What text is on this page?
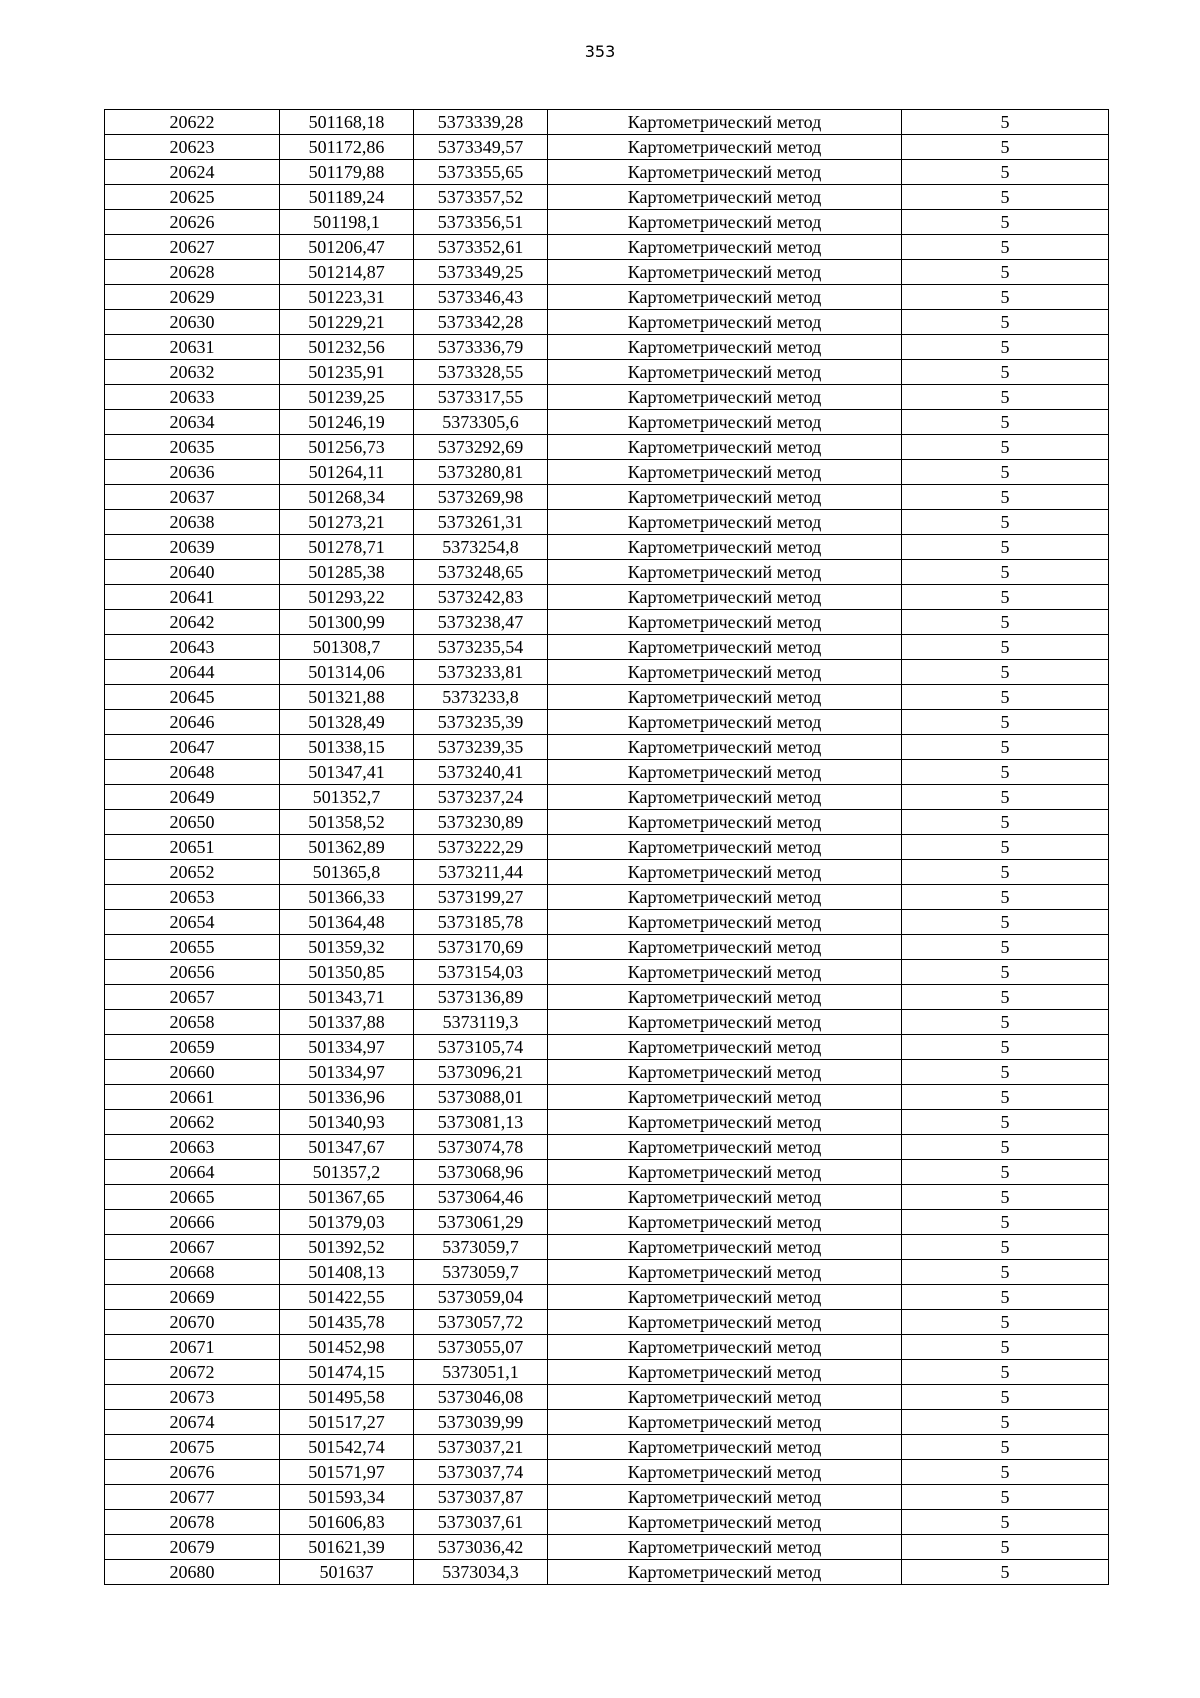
353
20622	501168,18	5373339,28	Картометрический метод	5
20623	501172,86	5373349,57	Картометрический метод	5
20624	501179,88	5373355,65	Картометрический метод	5
20625	501189,24	5373357,52	Картометрический метод	5
20626	501198,1	5373356,51	Картометрический метод	5
20627	501206,47	5373352,61	Картометрический метод	5
20628	501214,87	5373349,25	Картометрический метод	5
20629	501223,31	5373346,43	Картометрический метод	5
20630	501229,21	5373342,28	Картометрический метод	5
20631	501232,56	5373336,79	Картометрический метод	5
20632	501235,91	5373328,55	Картометрический метод	5
20633	501239,25	5373317,55	Картометрический метод	5
20634	501246,19	5373305,6	Картометрический метод	5
20635	501256,73	5373292,69	Картометрический метод	5
20636	501264,11	5373280,81	Картометрический метод	5
20637	501268,34	5373269,98	Картометрический метод	5
20638	501273,21	5373261,31	Картометрический метод	5
20639	501278,71	5373254,8	Картометрический метод	5
20640	501285,38	5373248,65	Картометрический метод	5
20641	501293,22	5373242,83	Картометрический метод	5
20642	501300,99	5373238,47	Картометрический метод	5
20643	501308,7	5373235,54	Картометрический метод	5
20644	501314,06	5373233,81	Картометрический метод	5
20645	501321,88	5373233,8	Картометрический метод	5
20646	501328,49	5373235,39	Картометрический метод	5
20647	501338,15	5373239,35	Картометрический метод	5
20648	501347,41	5373240,41	Картометрический метод	5
20649	501352,7	5373237,24	Картометрический метод	5
20650	501358,52	5373230,89	Картометрический метод	5
20651	501362,89	5373222,29	Картометрический метод	5
20652	501365,8	5373211,44	Картометрический метод	5
20653	501366,33	5373199,27	Картометрический метод	5
20654	501364,48	5373185,78	Картометрический метод	5
20655	501359,32	5373170,69	Картометрический метод	5
20656	501350,85	5373154,03	Картометрический метод	5
20657	501343,71	5373136,89	Картометрический метод	5
20658	501337,88	5373119,3	Картометрический метод	5
20659	501334,97	5373105,74	Картометрический метод	5
20660	501334,97	5373096,21	Картометрический метод	5
20661	501336,96	5373088,01	Картометрический метод	5
20662	501340,93	5373081,13	Картометрический метод	5
20663	501347,67	5373074,78	Картометрический метод	5
20664	501357,2	5373068,96	Картометрический метод	5
20665	501367,65	5373064,46	Картометрический метод	5
20666	501379,03	5373061,29	Картометрический метод	5
20667	501392,52	5373059,7	Картометрический метод	5
20668	501408,13	5373059,7	Картометрический метод	5
20669	501422,55	5373059,04	Картометрический метод	5
20670	501435,78	5373057,72	Картометрический метод	5
20671	501452,98	5373055,07	Картометрический метод	5
20672	501474,15	5373051,1	Картометрический метод	5
20673	501495,58	5373046,08	Картометрический метод	5
20674	501517,27	5373039,99	Картометрический метод	5
20675	501542,74	5373037,21	Картометрический метод	5
20676	501571,97	5373037,74	Картометрический метод	5
20677	501593,34	5373037,87	Картометрический метод	5
20678	501606,83	5373037,61	Картометрический метод	5
20679	501621,39	5373036,42	Картометрический метод	5
20680	501637	5373034,3	Картометрический метод	5
